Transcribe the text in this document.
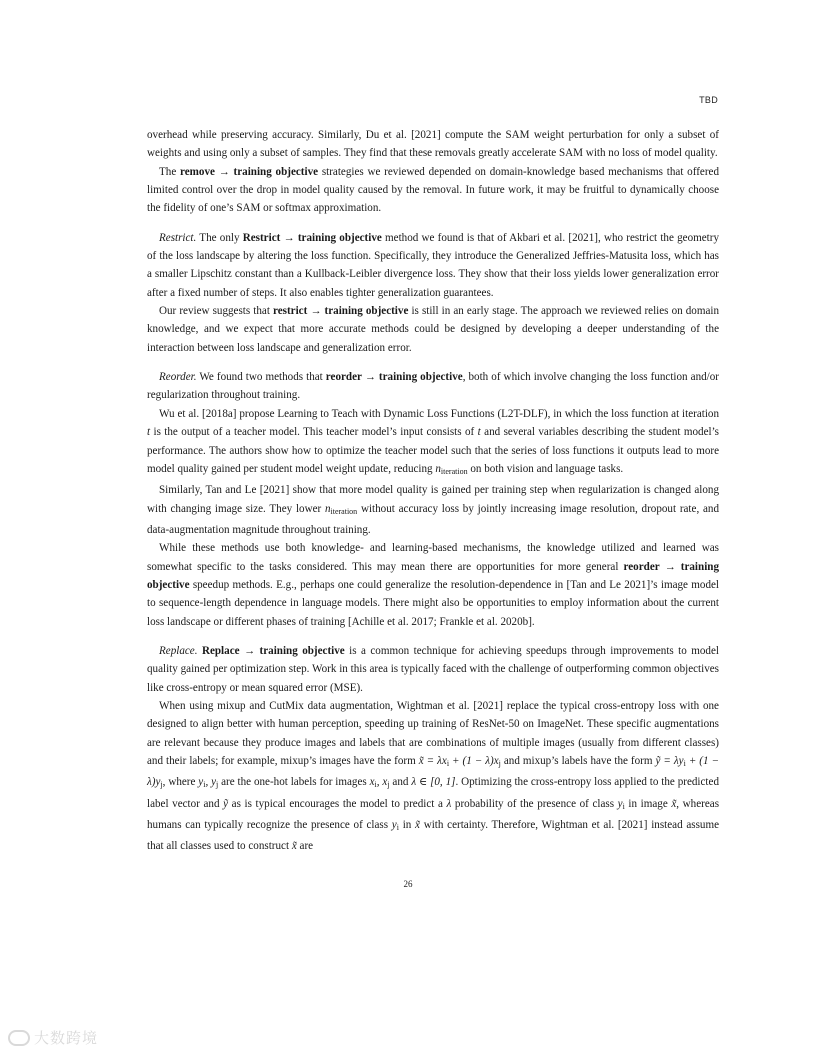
TBD

overhead while preserving accuracy. Similarly, Du et al. [2021] compute the SAM weight perturbation for only a subset of weights and using only a subset of samples. They find that these removals greatly accelerate SAM with no loss of model quality.

The remove → training objective strategies we reviewed depended on domain-knowledge based mechanisms that offered limited control over the drop in model quality caused by the removal. In future work, it may be fruitful to dynamically choose the fidelity of one’s SAM or softmax approximation.

Restrict. The only Restrict → training objective method we found is that of Akbari et al. [2021], who restrict the geometry of the loss landscape by altering the loss function. Specifically, they introduce the Generalized Jeffries-Matusita loss, which has a smaller Lipschitz constant than a Kullback-Leibler divergence loss. They show that their loss yields lower generalization error after a fixed number of steps. It also enables tighter generalization guarantees.

Our review suggests that restrict → training objective is still in an early stage. The approach we reviewed relies on domain knowledge, and we expect that more accurate methods could be designed by developing a deeper understanding of the interaction between loss landscape and generalization error.

Reorder. We found two methods that reorder → training objective, both of which involve changing the loss function and/or regularization throughout training.

Wu et al. [2018a] propose Learning to Teach with Dynamic Loss Functions (L2T-DLF), in which the loss function at iteration t is the output of a teacher model. This teacher model’s input consists of t and several variables describing the student model’s performance. The authors show how to optimize the teacher model such that the series of loss functions it outputs lead to more model quality gained per student model weight update, reducing $n_{iteration}$ on both vision and language tasks.

Similarly, Tan and Le [2021] show that more model quality is gained per training step when regularization is changed along with changing image size. They lower $n_{iteration}$ without accuracy loss by jointly increasing image resolution, dropout rate, and data-augmentation magnitude throughout training.

While these methods use both knowledge- and learning-based mechanisms, the knowledge utilized and learned was somewhat specific to the tasks considered. This may mean there are opportunities for more general reorder → training objective speedup methods. E.g., perhaps one could generalize the resolution-dependence in [Tan and Le 2021]’s image model to sequence-length dependence in language models. There might also be opportunities to employ information about the current loss landscape or different phases of training [Achille et al. 2017; Frankle et al. 2020b].

Replace. Replace → training objective is a common technique for achieving speedups through improvements to model quality gained per optimization step. Work in this area is typically faced with the challenge of outperforming common objectives like cross-entropy or mean squared error (MSE).

When using mixup and CutMix data augmentation, Wightman et al. [2021] replace the typical cross-entropy loss with one designed to align better with human perception, speeding up training of ResNet-50 on ImageNet. These specific augmentations are relevant because they produce images and labels that are combinations of multiple images (usually from different classes) and their labels; for example, mixup’s images have the form x̃ = $\lambda x_i + (1 - \lambda)x_j$ and mixup’s labels have the form ỹ = $\lambda y_i + (1 - \lambda)y_j$, where $y_i$, $y_j$ are the one-hot labels for images $x_i$, $x_j$ and λ ∈ [0, 1]. Optimizing the cross-entropy loss applied to the predicted label vector and ỹ as is typical encourages the model to predict a λ probability of the presence of class $y_i$ in image x̃, whereas humans can typically recognize the presence of class $y_i$ in x̃ with certainty. Therefore, Wightman et al. [2021] instead assume that all classes used to construct x̃ are

26
大数跨境
